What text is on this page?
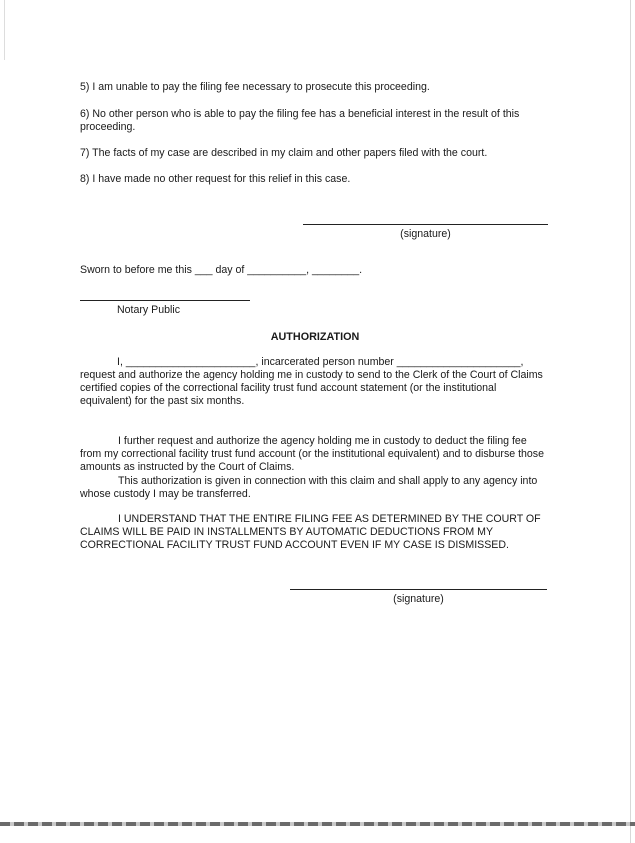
5) I am unable to pay the filing fee necessary to prosecute this proceeding.
6) No other person who is able to pay the filing fee has a beneficial interest in the result of this proceeding.
7) The facts of my case are described in my claim and other papers filed with the court.
8) I have made no other request for this relief in this case.
(signature)
Sworn to before me this ___ day of __________, ________.
Notary Public
AUTHORIZATION
I, ______________________, incarcerated person number _____________________,
request and authorize the agency holding me in custody to send to the Clerk of the Court of Claims certified copies of the correctional facility trust fund account statement (or the institutional equivalent) for the past six months.
I further request and authorize the agency holding me in custody to deduct the filing fee from my correctional facility trust fund account (or the institutional equivalent) and to disburse those amounts as instructed by the Court of Claims.
This authorization is given in connection with this claim and shall apply to any agency into whose custody I may be transferred.
I UNDERSTAND THAT THE ENTIRE FILING FEE AS DETERMINED BY THE COURT OF CLAIMS WILL BE PAID IN INSTALLMENTS BY AUTOMATIC DEDUCTIONS FROM MY CORRECTIONAL FACILITY TRUST FUND ACCOUNT EVEN IF MY CASE IS DISMISSED.
(signature)
